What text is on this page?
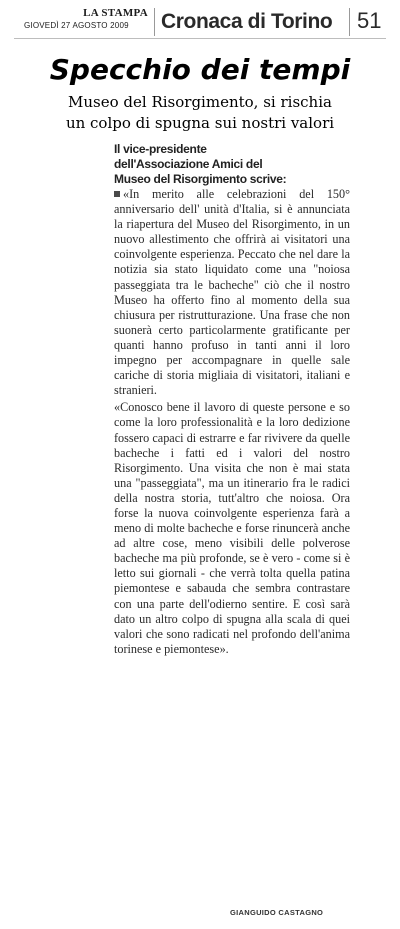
LA STAMPA
GIOVEDÌ 27 AGOSTO 2009	Cronaca di Torino 51
Specchio dei tempi
Museo del Risorgimento, si rischia
un colpo di spugna sui nostri valori
Il vice-presidente
dell'Associazione Amici del
Museo del Risorgimento scrive:

«In merito alle celebrazioni del 150° anniversario dell' unità d'Italia, si è annunciata la riapertura del Museo del Risorgimento, in un nuovo allestimento che offrirà ai visitatori una coinvolgente esperienza. Peccato che nel dare la notizia sia stato liquidato come una "noiosa passeggiata tra le bacheche" ciò che il nostro Museo ha offerto fino al momento della sua chiusura per ristrutturazione. Una frase che non suonerà certo particolarmente gratificante per quanti hanno profuso in tanti anni il loro impegno per accompagnare in quelle sale cariche di storia migliaia di visitatori, italiani e stranieri.

«Conosco bene il lavoro di queste persone e so come la loro professionalità e la loro dedizione fossero capaci di estrarre e far rivivere da quelle bacheche i fatti ed i valori del nostro Risorgimento. Una visita che non è mai stata una "passeggiata", ma un itinerario fra le radici della nostra storia, tutt'altro che noiosa. Ora forse la nuova coinvolgente esperienza farà a meno di molte bacheche e forse rinuncerà anche ad altre cose, meno visibili delle polverose bacheche ma più profonde, se è vero - come si è letto sui giornali - che verrà tolta quella patina piemontese e sabauda che sembra contrastare con una parte dell'odierno sentire. E così sarà dato un altro colpo di spugna alla scala di quei valori che sono radicati nel profondo dell'anima torinese e piemontese».

GIANGUIDO CASTAGNO
